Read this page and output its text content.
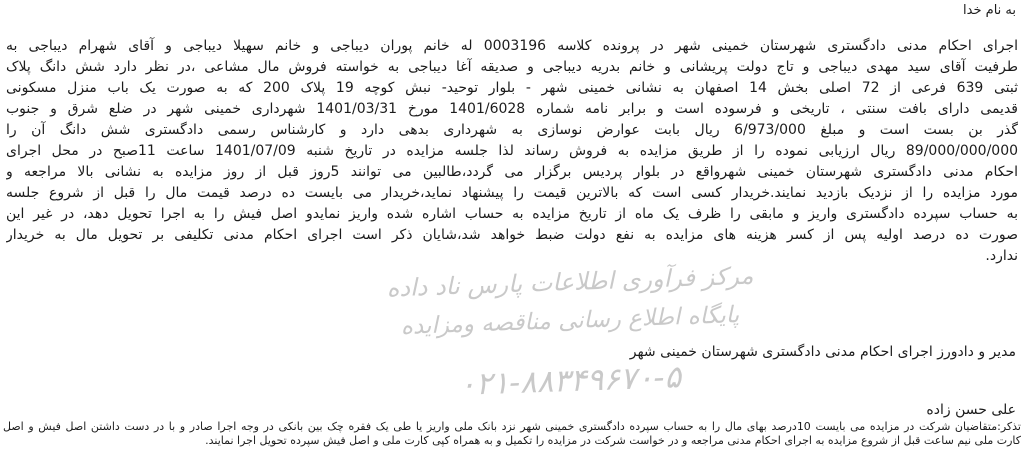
به نام خدا
مرکز فرآوری اطلاعات پارس ناد داده
پایگاه اطلاع رسانی مناقصه ومزایده
۰۲۱-۸۸۳۴۹۶۷۰-۵
اجرای احکام مدنی دادگستری شهرستان خمینی شهر در پرونده کلاسه 0003196 له خانم پوران دیباجی و خانم سهیلا دیباجی و آقای شهرام دیباجی به
طرفیت آقای سید مهدی دیباجی و تاج دولت پریشانی و خانم بدریه دیباجی و صدیقه آغا دیباجی به خواسته فروش مال مشاعی ،در نظر دارد شش دانگ پلاک
ثبتی 639 فرعی از 72 اصلی بخش 14 اصفهان به نشانی خمینی شهر - بلوار توحید- نبش کوچه 19 پلاک 200 که به صورت یک باب منزل مسکونی
قدیمی دارای بافت سنتی ، تاریخی و فرسوده است و برابر نامه شماره 1401/6028 مورخ 1401/03/31 شهرداری خمینی شهر در ضلع شرق و جنوب
گذر بن بست است و مبلغ 6/973/000 ریال بابت عوارض نوسازی به شهرداری بدهی دارد و کارشناس رسمی دادگستری شش دانگ آن را
89/000/000/000 ریال ارزیابی نموده را از طریق مزایده به فروش رساند لذا جلسه مزایده در تاریخ شنبه 1401/07/09 ساعت 11صبح در محل اجرای
احکام مدنی دادگستری شهرستان خمینی شهرواقع در بلوار پردیس برگزار می گردد،طالبین می توانند 5روز قبل از روز مزایده به نشانی بالا مراجعه و
مورد مزایده را از نزدیک بازدید نمایند.خریدار کسی است که بالاترین قیمت را پیشنهاد نماید،خریدار می بایست ده درصد قیمت مال را قبل از شروع جلسه
به حساب سپرده دادگستری واریز و مابقی را ظرف یک ماه از تاریخ مزایده به حساب اشاره شده واریز نمایدو اصل فیش را به اجرا تحویل دهد، در غیر این
صورت ده درصد اولیه پس از کسر هزینه های مزایده به نفع دولت ضبط خواهد شد،شایان ذکر است اجرای احکام مدنی تکلیفی بر تحویل مال به خریدار
ندارد.
مدیر و دادورز اجرای احکام مدنی دادگستری شهرستان خمینی شهر
علی حسن زاده
تذکر:متقاضیان شرکت در مزایده می بایست 10درصد بهای مال را به حساب سپرده دادگستری خمینی شهر نزد بانک ملی واریز یا طی یک فقره چک بین بانکی در وجه اجرا صادر و با در دست داشتن اصل فیش و اصل
کارت ملی نیم ساعت قبل از شروع مزایده به اجرای احکام مدنی مراجعه و در خواست شرکت در مزایده را تکمیل و به همراه کپی کارت ملی و اصل فیش سپرده تحویل اجرا نمایند.
